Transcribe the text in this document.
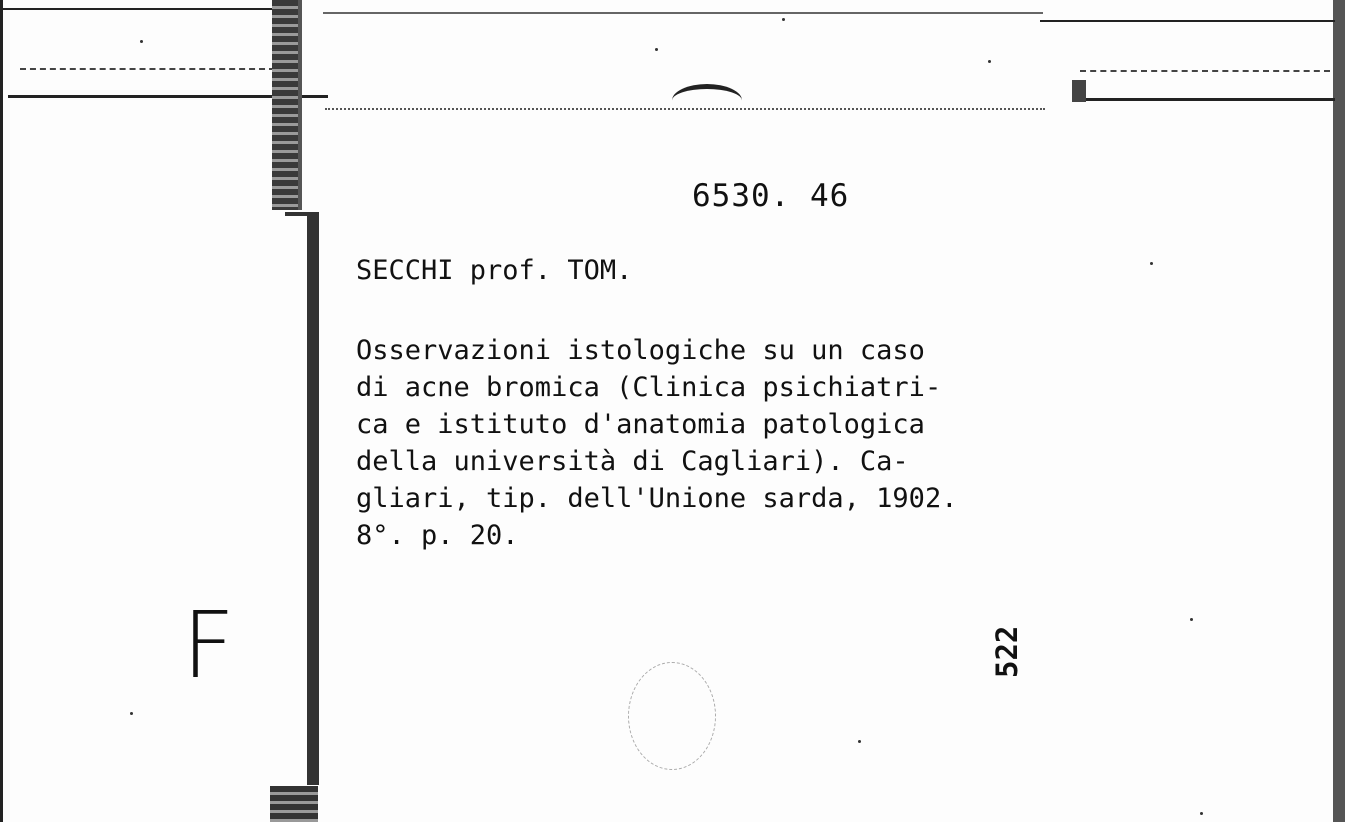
6530. 46
SECCHI prof. TOM.
Osservazioni istologiche su un caso
di acne bromica (Clinica psichiatri-
ca e istituto d'anatomia patologica
della università di Cagliari). Ca-
gliari, tip. dell'Unione sarda, 1902.
8°. p. 20.
F	522
